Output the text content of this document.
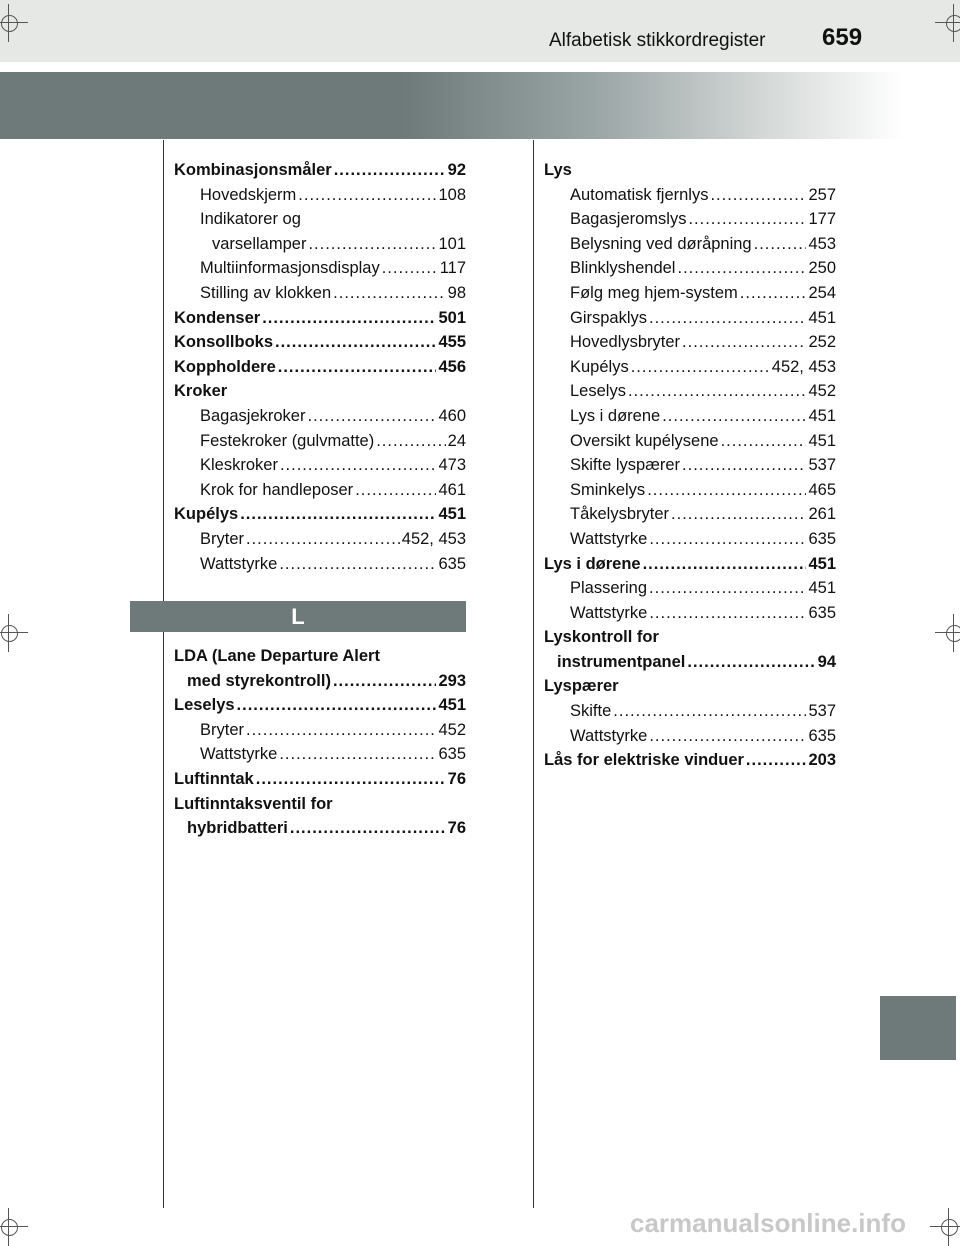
Alfabetisk stikkordregister 659
Kombinasjonsmåler .....	92
Hovedskjerm .....	108
Indikatorer og
varsellamper .....	101
Multiinformasjonsdisplay .....	117
Stilling av klokken .....	98
Kondenser .....	501
Konsollboks .....	455
Koppholdere .....	456
Kroker
Bagasjekroker .....	460
Festekroker (gulvmatte) .....	24
Kleskroker .....	473
Krok for handleposer .....	461
Kupélys .....	451
Bryter .....	452, 453
Wattstyrke .....	635
L
LDA (Lane Departure Alert
med styrekontroll) .....	293
Leselys .....	451
Bryter .....	452
Wattstyrke .....	635
Luftinntak .....	76
Luftinntaksventil for
hybridbatteri .....	76
Lys
Automatisk fjernlys .....	257
Bagasjeromslys .....	177
Belysning ved døråpning .....	453
Blinklyshendel .....	250
Følg meg hjem-system .....	254
Girspaklys .....	451
Hovedlysbryter .....	252
Kupélys .....	452, 453
Leselys .....	452
Lys i dørene .....	451
Oversikt kupélysene .....	451
Skifte lyspærer .....	537
Sminkelys .....	465
Tåkelysbryter .....	261
Wattstyrke .....	635
Lys i dørene .....	451
Plassering .....	451
Wattstyrke .....	635
Lyskontroll for
instrumentpanel .....	94
Lyspærer
Skifte .....	537
Wattstyrke .....	635
Lås for elektriske vinduer .....	203
carmanualsonline.info
